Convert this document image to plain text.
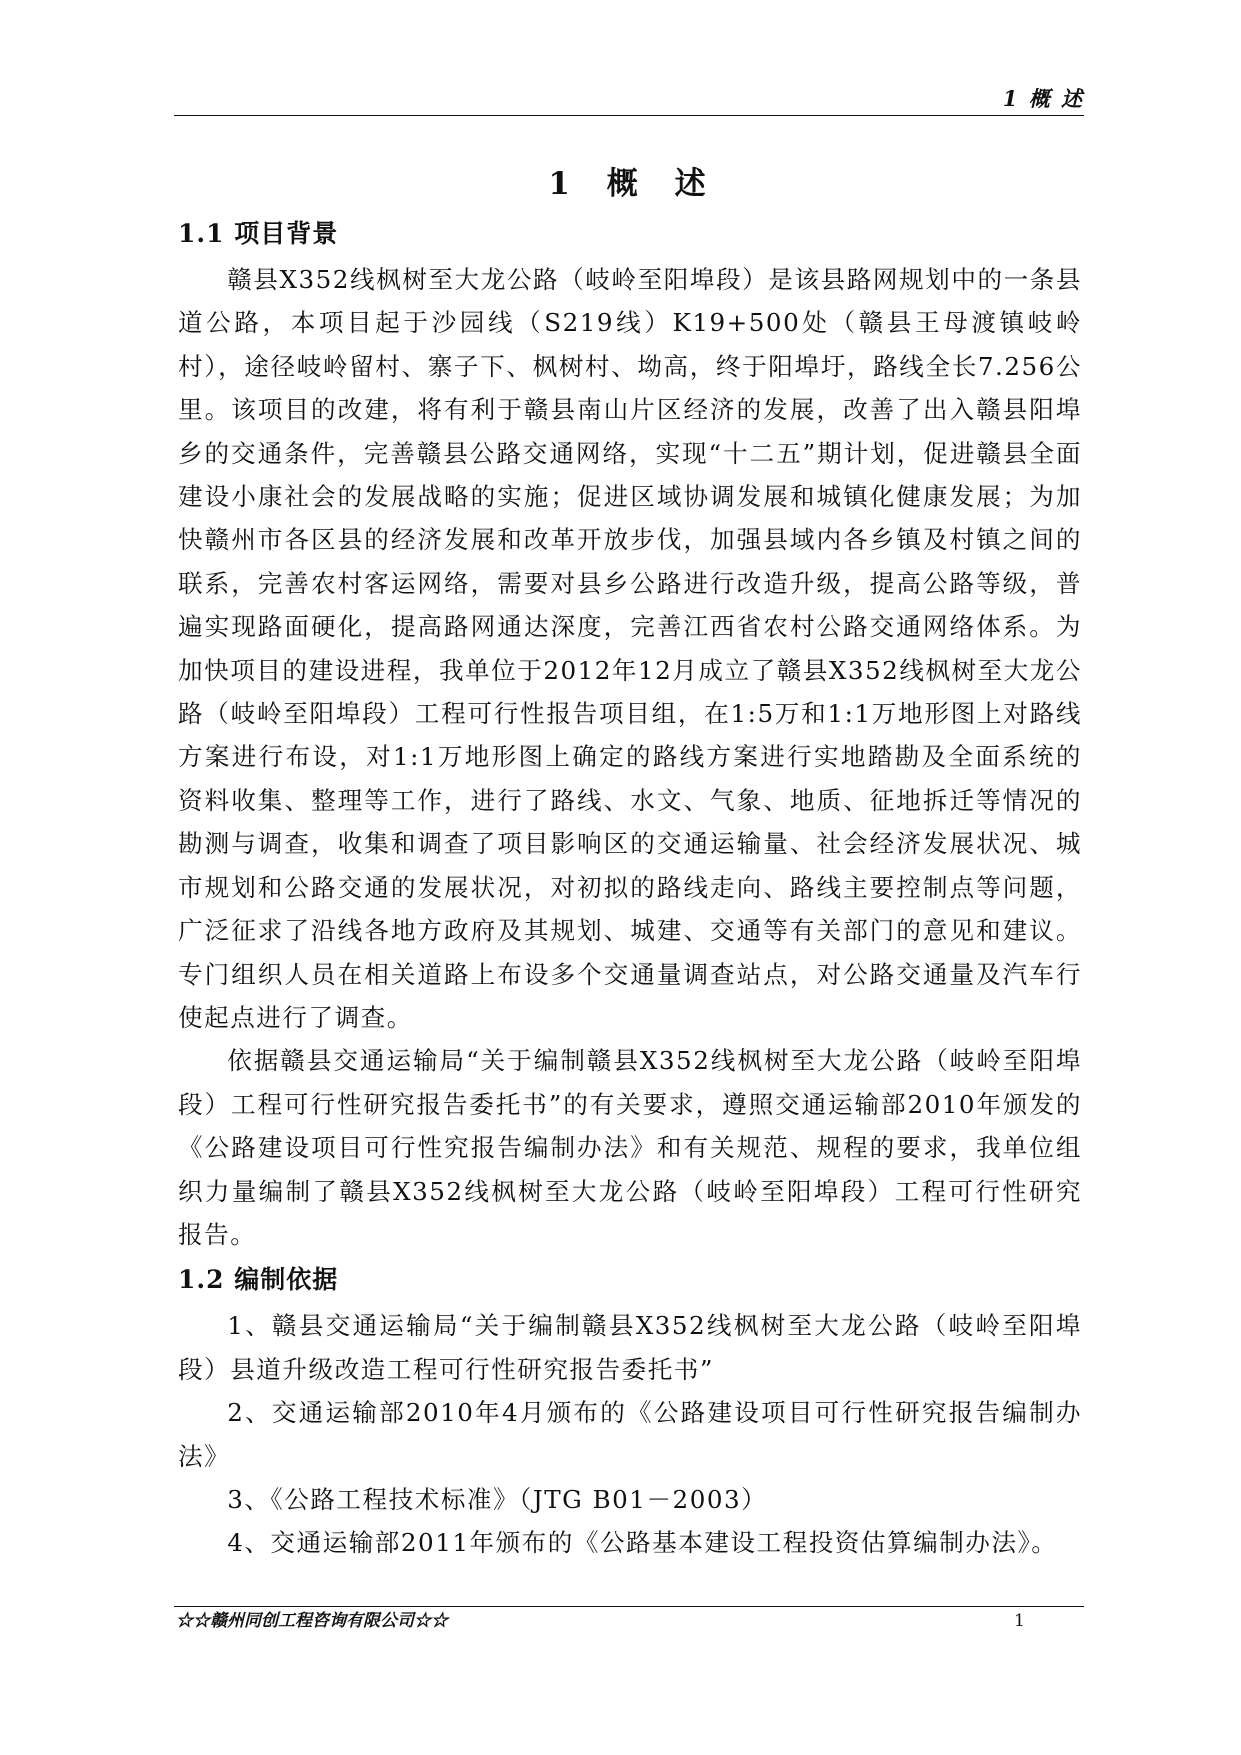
1 概 述
1 概 述
1.1 项目背景

赣县X352线枫树至大龙公路（岐岭至阳埠段）是该县路网规划中的一条县道公路，本项目起于沙园线（S219线）K19+500处（赣县王母渡镇岐岭村），途径岐岭留村、寨子下、枫树村、坳高，终于阳埠圩，路线全长7.256公里。该项目的改建，将有利于赣县南山片区经济的发展，改善了出入赣县阳埠乡的交通条件，完善赣县公路交通网络，实现“十二五”期计划，促进赣县全面建设小康社会的发展战略的实施；促进区域协调发展和城镇化健康发展；为加快赣州市各区县的经济发展和改革开放步伐，加强县域内各乡镇及村镇之间的联系，完善农村客运网络，需要对县乡公路进行改造升级，提高公路等级，普遍实现路面硬化，提高路网通达深度，完善江西省农村公路交通网络体系。为加快项目的建设进程，我单位于2012年12月成立了赣县X352线枫树至大龙公路（岐岭至阳埠段）工程可行性报告项目组，在1:5万和1:1万地形图上对路线方案进行布设，对1:1万地形图上确定的路线方案进行实地踏勘及全面系统的资料收集、整理等工作，进行了路线、水文、气象、地质、征地拆迁等情况的勘测与调查，收集和调查了项目影响区的交通运输量、社会经济发展状况、城市规划和公路交通的发展状况，对初拟的路线走向、路线主要控制点等问题，广泛征求了沿线各地方政府及其规划、城建、交通等有关部门的意见和建议。专门组织人员在相关道路上布设多个交通量调查站点，对公路交通量及汽车行使起点进行了调查。

依据赣县交通运输局“关于编制赣县X352线枫树至大龙公路（岐岭至阳埠段）工程可行性研究报告委托书”的有关要求，遵照交通运输部2010年颁发的《公路建设项目可行性究报告编制办法》和有关规范、规程的要求，我单位组织力量编制了赣县X352线枫树至大龙公路（岐岭至阳埠段）工程可行性研究报告。

1.2 编制依据

1、赣县交通运输局“关于编制赣县X352线枫树至大龙公路（岐岭至阳埠段）县道升级改造工程可行性研究报告委托书”

2、交通运输部2010年4月颁布的《公路建设项目可行性研究报告编制办法》

3、《公路工程技术标准》（JTG B01－2003）

4、交通运输部2011年颁布的《公路基本建设工程投资估算编制办法》。

☆☆赣州同创工程咨询有限公司☆☆	1
